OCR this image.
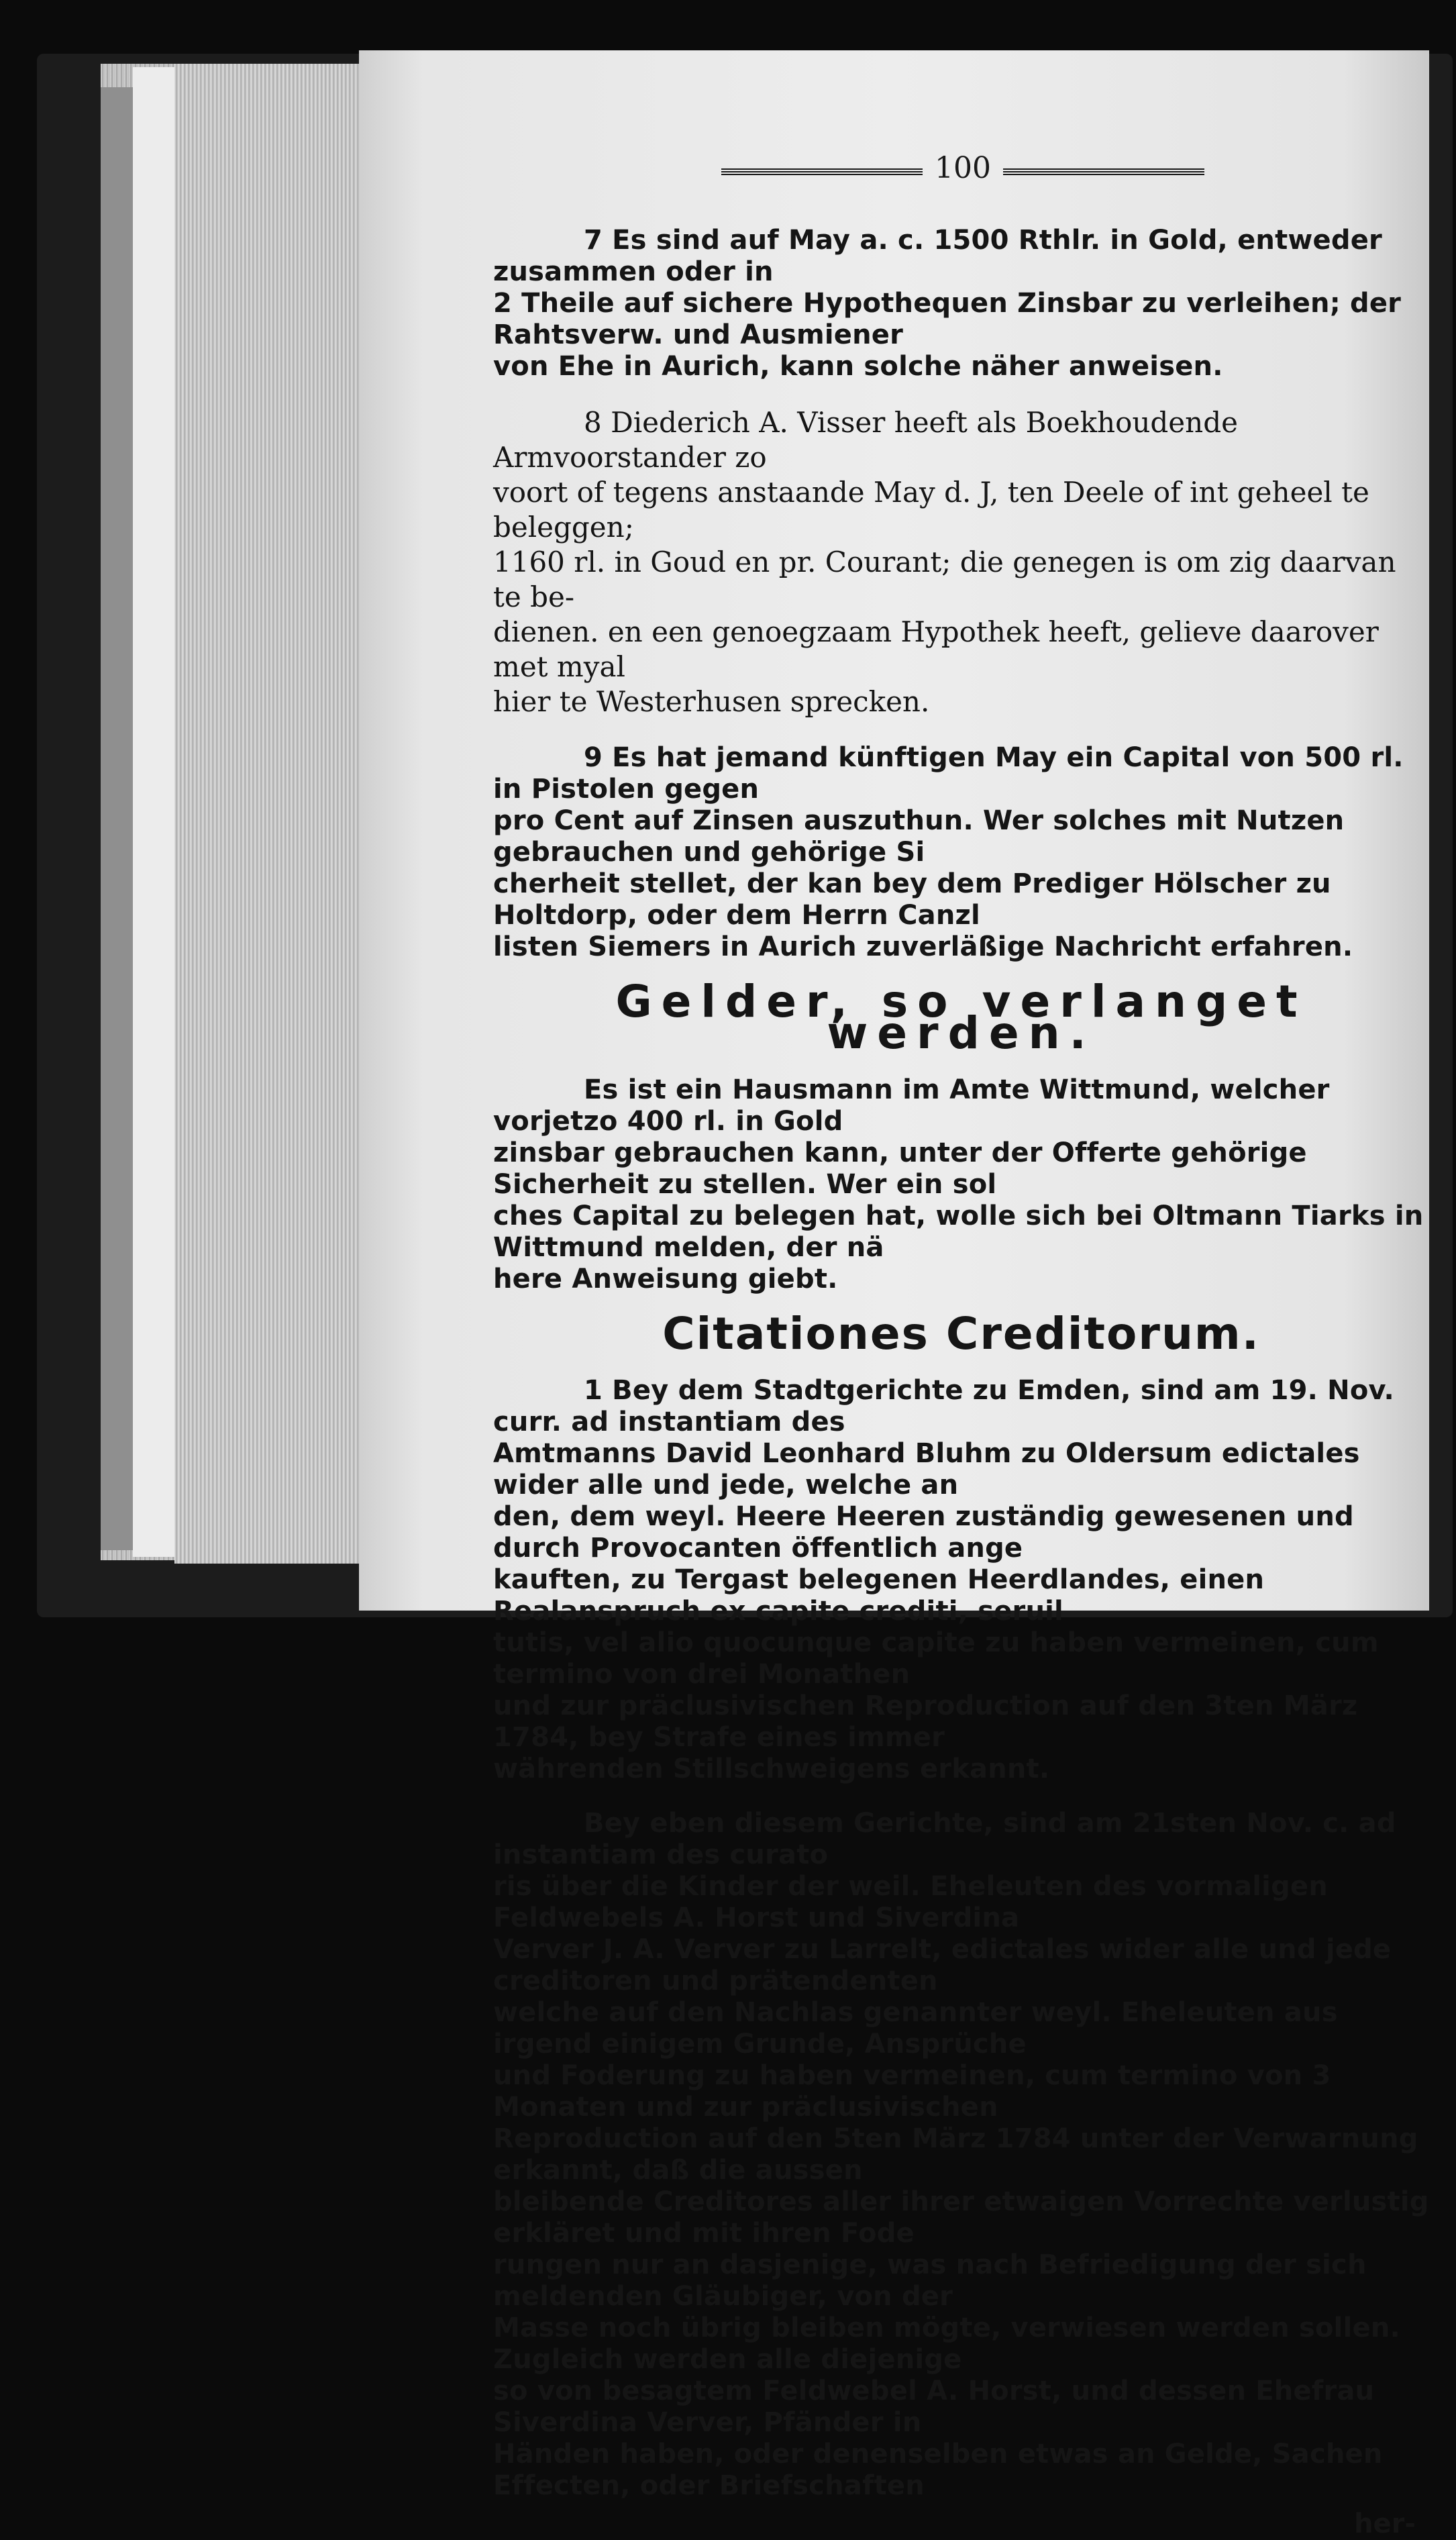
100

7 Es sind auf May a. c. 1500 Rthlr. in Gold, entweder zusammen oder in
2 Theile auf sichere Hypothequen Zinsbar zu verleihen; der Rahtsverw. und Ausmiener
von Ehe in Aurich, kann solche näher anweisen.

8 Diederich A. Visser heeft als Boekhoudende Armvoorstander zo
voort of tegens anstaande May d. J, ten Deele of int geheel te beleggen;
1160 rl. in Goud en pr. Courant; die genegen is om zig daarvan te be-
dienen. en een genoegzaam Hypothek heeft, gelieve daarover met myal
hier te Westerhusen sprecken.

9 Es hat jemand künftigen May ein Capital von 500 rl. in Pistolen gegen
pro Cent auf Zinsen auszuthun. Wer solches mit Nutzen gebrauchen und gehörige Si
cherheit stellet, der kan bey dem Prediger Hölscher zu Holtdorp, oder dem Herrn Canzl
listen Siemers in Aurich zuverläßige Nachricht erfahren.

Gelder, so verlanget werden.

Es ist ein Hausmann im Amte Wittmund, welcher vorjetzo 400 rl. in Gold
zinsbar gebrauchen kann, unter der Offerte gehörige Sicherheit zu stellen. Wer ein sol
ches Capital zu belegen hat, wolle sich bei Oltmann Tiarks in Wittmund melden, der nä
here Anweisung giebt.

Citationes Creditorum.

1 Bey dem Stadtgerichte zu Emden, sind am 19. Nov. curr. ad instantiam des
Amtmanns David Leonhard Bluhm zu Oldersum edictales wider alle und jede, welche an
den, dem weyl. Heere Heeren zuständig gewesenen und durch Provocanten öffentlich ange
kauften, zu Tergast belegenen Heerdlandes, einen Realanspruch ex capite crediti, seruil
tutis, vel alio quocunque capite zu haben vermeinen, cum termino von drei Monathen
und zur präclusivischen Reproduction auf den 3ten März 1784, bey Strafe eines immer
währenden Stillschweigens erkannt.

Bey eben diesem Gerichte, sind am 21sten Nov. c. ad instantiam des curato
ris über die Kinder der weil. Eheleuten des vormaligen Feldwebels A. Horst und Siverdina
Verver J. A. Verver zu Larrelt, edictales wider alle und jede creditoren und prätendenten
welche auf den Nachlas genannter weyl. Eheleuten aus irgend einigem Grunde, Ansprüche
und Foderung zu haben vermeinen, cum termino von 3 Monaten und zur präclusivischen
Reproduction auf den 5ten März 1784 unter der Verwarnung erkannt, daß die aussen
bleibende Creditores aller ihrer etwaigen Vorrechte verlustig erkläret und mit ihren Fode
rungen nur an dasjenige, was nach Befriedigung der sich meldenden Gläubiger, von der
Masse noch übrig bleiben mögte, verwiesen werden sollen. Zugleich werden alle diejenige
so von besagtem Feldwebel A. Horst, und dessen Ehefrau Siverdina Verver, Pfänder in
Händen haben, oder denenselben etwas an Gelde, Sachen Effecten, oder Briefschaften

her-
